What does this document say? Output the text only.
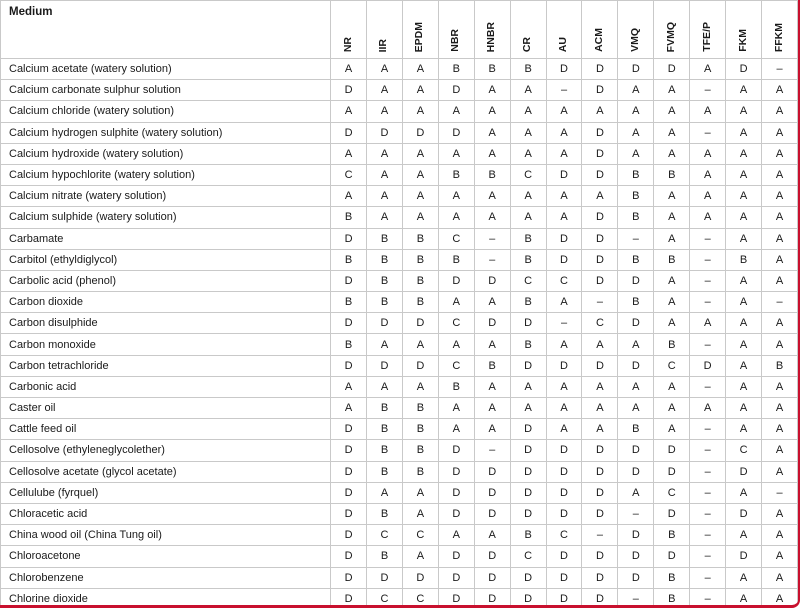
Medium	NR	IIR	EPDM	NBR	HNBR	CR	AU	ACM	VMQ	FVMQ	TFE/P	FKM	FFKM

Calcium acetate (watery solution)	A	A	A	B	B	B	D	D	D	D	A	D	–
Calcium carbonate sulphur solution	D	A	A	D	A	A	–	D	A	A	–	A	A
Calcium chloride (watery solution)	A	A	A	A	A	A	A	A	A	A	A	A	A
Calcium hydrogen sulphite (watery solution)	D	D	D	D	A	A	A	D	A	A	–	A	A
Calcium hydroxide (watery solution)	A	A	A	A	A	A	A	D	A	A	A	A	A
Calcium hypochlorite (watery solution)	C	A	A	B	B	C	D	D	B	B	A	A	A
Calcium nitrate (watery solution)	A	A	A	A	A	A	A	A	B	A	A	A	A
Calcium sulphide (watery solution)	B	A	A	A	A	A	A	D	B	A	A	A	A
Carbamate	D	B	B	C	–	B	D	D	–	A	–	A	A
Carbitol (ethyldiglycol)	B	B	B	B	–	B	D	D	B	B	–	B	A
Carbolic acid (phenol)	D	B	B	D	D	C	C	D	D	A	–	A	A
Carbon dioxide	B	B	B	A	A	B	A	–	B	A	–	A	–
Carbon disulphide	D	D	D	C	D	D	–	C	D	A	A	A	A
Carbon monoxide	B	A	A	A	A	B	A	A	A	B	–	A	A
Carbon tetrachloride	D	D	D	C	B	D	D	D	D	C	D	A	B
Carbonic acid	A	A	A	B	A	A	A	A	A	A	–	A	A
Caster oil	A	B	B	A	A	A	A	A	A	A	A	A	A
Cattle feed oil	D	B	B	A	A	D	A	A	B	A	–	A	A
Cellosolve (ethyleneglycolether)	D	B	B	D	–	D	D	D	D	D	–	C	A
Cellosolve acetate (glycol acetate)	D	B	B	D	D	D	D	D	D	D	–	D	A
Cellulube (fyrquel)	D	A	A	D	D	D	D	D	A	C	–	A	–
Chloracetic acid	D	B	A	D	D	D	D	D	–	D	–	D	A
China wood oil (China Tung oil)	D	C	C	A	A	B	C	–	D	B	–	A	A
Chloroacetone	D	B	A	D	D	C	D	D	D	D	–	D	A
Chlorobenzene	D	D	D	D	D	D	D	D	D	B	–	A	A
Chlorine dioxide	D	C	C	D	D	D	D	D	–	B	–	A	A
